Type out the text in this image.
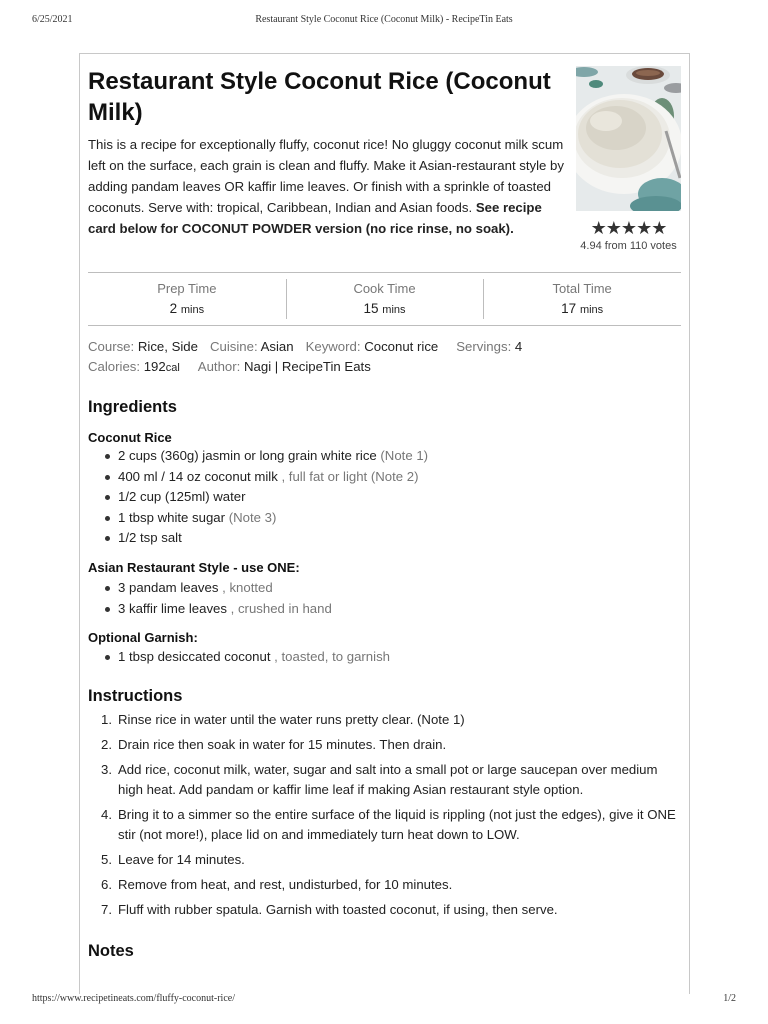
6/25/2021	Restaurant Style Coconut Rice (Coconut Milk) - RecipeTin Eats
Restaurant Style Coconut Rice (Coconut Milk)

This is a recipe for exceptionally fluffy, coconut rice! No gluggy coconut milk scum left on the surface, each grain is clean and fluffy. Make it Asian-restaurant style by adding pandam leaves OR kaffir lime leaves. Or finish with a sprinkle of toasted coconuts. Serve with: tropical, Caribbean, Indian and Asian foods. See recipe card below for COCONUT POWDER version (no rice rinse, no soak).	★★★★★
4.94 from 110 votes
Prep Time
2 mins
Cook Time
15 mins
Total Time
17 mins
Course: Rice, Side Cuisine: Asian Keyword: Coconut rice Servings: 4
Calories: 192cal Author: Nagi | RecipeTin Eats
Ingredients
Coconut Rice
2 cups (360g) jasmin or long grain white rice (Note 1)
400 ml / 14 oz coconut milk , full fat or light (Note 2)
1/2 cup (125ml) water
1 tbsp white sugar (Note 3)
1/2 tsp salt
Asian Restaurant Style - use ONE:
3 pandam leaves , knotted
3 kaffir lime leaves , crushed in hand
Optional Garnish:
1 tbsp desiccated coconut , toasted, to garnish
Instructions
1. Rinse rice in water until the water runs pretty clear. (Note 1)
2. Drain rice then soak in water for 15 minutes. Then drain.
3. Add rice, coconut milk, water, sugar and salt into a small pot or large saucepan over medium high heat. Add pandam or kaffir lime leaf if making Asian restaurant style option.
4. Bring it to a simmer so the entire surface of the liquid is rippling (not just the edges), give it ONE stir (not more!), place lid on and immediately turn heat down to LOW.
5. Leave for 14 minutes.
6. Remove from heat, and rest, undisturbed, for 10 minutes.
7. Fluff with rubber spatula. Garnish with toasted coconut, if using, then serve.
Notes
https://www.recipetineats.com/fluffy-coconut-rice/	1/2
